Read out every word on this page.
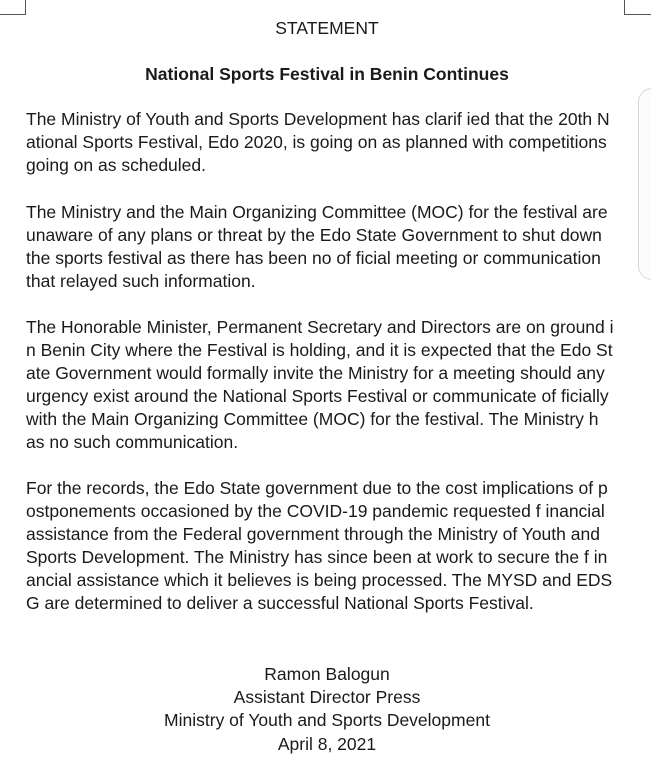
STATEMENT
National Sports Festival in Benin Continues

The Ministry of Youth and Sports Development has clarif ied that the 20th N
ational Sports Festival, Edo 2020, is going on as planned with competitions
going on as scheduled.

The Ministry and the Main Organizing Committee (MOC) for the festival are
unaware of any plans or threat by the Edo State Government to shut down
the sports festival as there has been no of ficial meeting or communication
that relayed such information.

The Honorable Minister, Permanent Secretary and Directors are on ground i
n Benin City where the Festival is holding, and it is expected that the Edo St
ate Government would formally invite the Ministry for a meeting should any
urgency exist around the National Sports Festival or communicate of ficially
with the Main Organizing Committee (MOC) for the festival. The Ministry h
as no such communication.

For the records, the Edo State government due to the cost implications of p
ostponements occasioned by the COVID-19 pandemic requested f inancial
assistance from the Federal government through the Ministry of Youth and
Sports Development. The Ministry has since been at work to secure the f in
ancial assistance which it believes is being processed. The MYSD and EDS
G are determined to deliver a successful National Sports Festival.

Ramon Balogun
Assistant Director Press
Ministry of Youth and Sports Development
April 8, 2021
